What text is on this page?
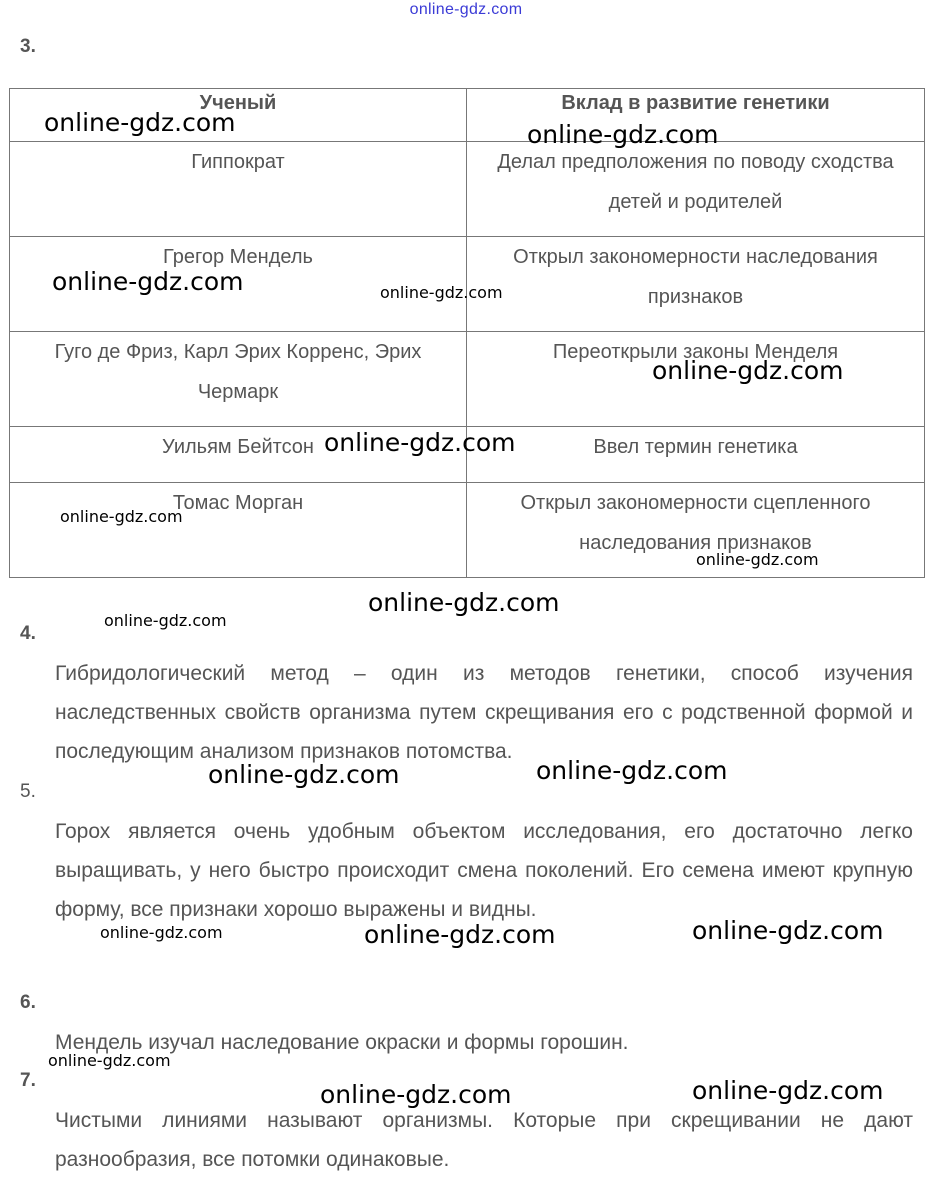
online-gdz.com
3.
Ученый	Вклад в развитие генетики
Гиппократ	Делал предположения по поводу сходства детей и родителей
Грегор Мендель	Открыл закономерности наследования признаков
Гуго де Фриз, Карл Эрих Корренс, Эрих Чермарк	Переоткрыли законы Менделя
Уильям Бейтсон	Ввел термин генетика
Томас Морган	Открыл закономерности сцепленного наследования признаков
4.
Гибридологический метод – один из методов генетики, способ изучения наследственных свойств организма путем скрещивания его с родственной формой и последующим анализом признаков потомства.
5.
Горох является очень удобным объектом исследования, его достаточно легко выращивать, у него быстро происходит смена поколений. Его семена имеют крупную форму, все признаки хорошо выражены и видны.
6.
Мендель изучал наследование окраски и формы горошин.
7.
Чистыми линиями называют организмы. Которые при скрещивании не дают разнообразия, все потомки одинаковые.
online-gdz.com	online-gdz.com
online-gdz.com	online-gdz.com
online-gdz.com
online-gdz.com
online-gdz.com
online-gdz.com
online-gdz.com
online-gdz.com
online-gdz.com	online-gdz.com
online-gdz.com	online-gdz.com	online-gdz.com
online-gdz.com
online-gdz.com	online-gdz.com
